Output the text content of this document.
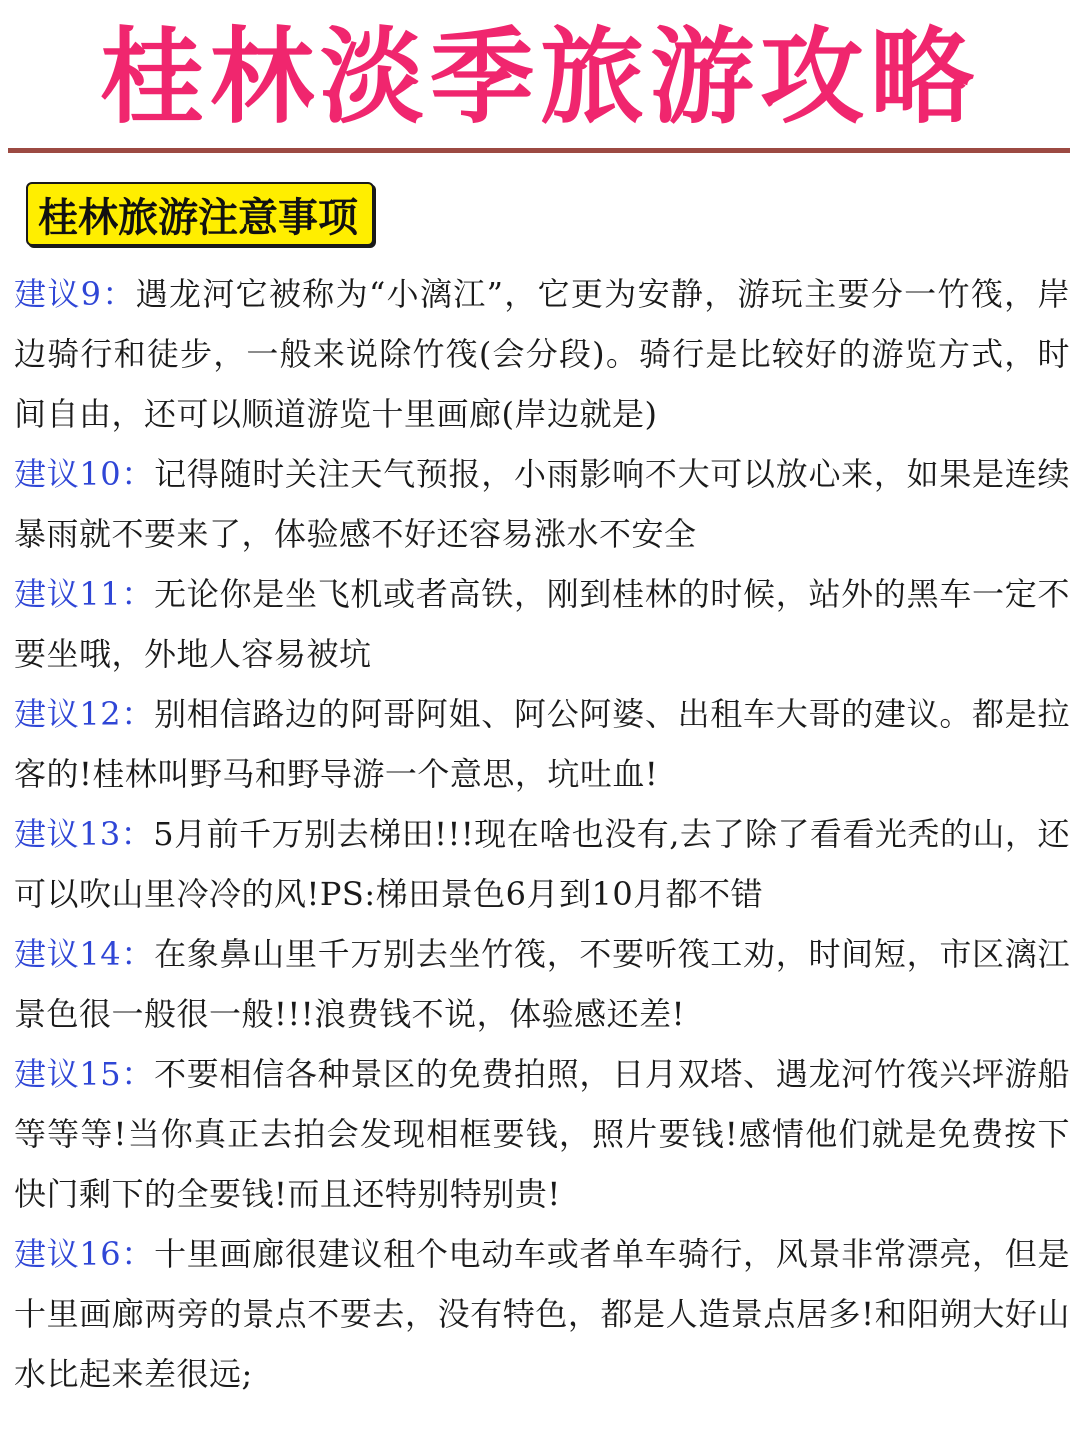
桂林淡季旅游攻略
桂林旅游注意事项

建议9：遇龙河它被称为“小漓江”，它更为安静，游玩主要分一竹筏，岸边骑行和徒步，一般来说除竹筏(会分段)。骑行是比较好的游览方式，时间自由，还可以顺道游览十里画廊(岸边就是)

建议10：记得随时关注天气预报，小雨影响不大可以放心来，如果是连续暴雨就不要来了，体验感不好还容易涨水不安全

建议11：无论你是坐飞机或者高铁，刚到桂林的时候，站外的黑车一定不要坐哦，外地人容易被坑

建议12：别相信路边的阿哥阿姐、阿公阿婆、出租车大哥的建议。都是拉客的!桂林叫野马和野导游一个意思，坑吐血!

建议13：5月前千万别去梯田!!!现在啥也没有,去了除了看看光秃的山，还可以吹山里冷冷的风!PS:梯田景色6月到10月都不错

建议14：在象鼻山里千万别去坐竹筏，不要听筏工劝，时间短，市区漓江景色很一般很一般!!!浪费钱不说，体验感还差!

建议15：不要相信各种景区的免费拍照，日月双塔、遇龙河竹筏兴坪游船等等等!当你真正去拍会发现相框要钱，照片要钱!感情他们就是免费按下快门剩下的全要钱!而且还特别特别贵!

建议16：十里画廊很建议租个电动车或者单车骑行，风景非常漂亮，但是十里画廊两旁的景点不要去，没有特色，都是人造景点居多!和阳朔大好山水比起来差很远;
